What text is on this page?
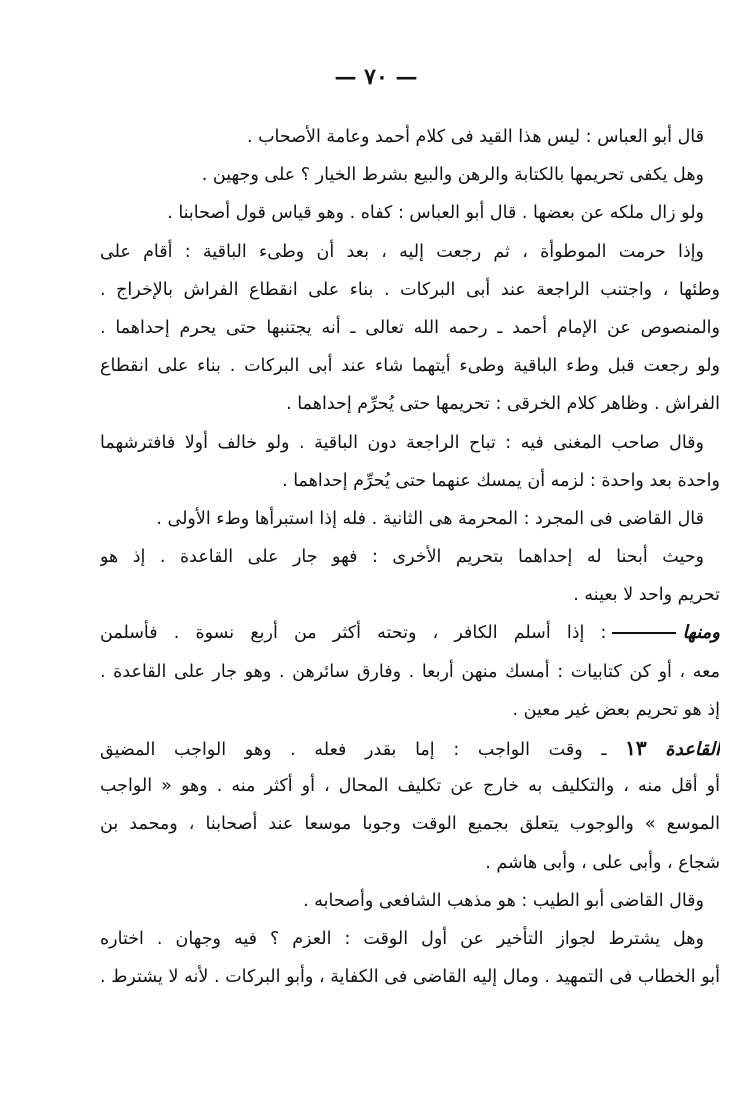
— ٧٠ —
قال أبو العباس : ليس هذا القيد فى كلام أحمد وعامة الأصحاب .
وهل يكفى تحريمها بالكتابة والرهن والبيع بشرط الخيار ؟ على وجهين .
ولو زال ملكه عن بعضها . قال أبو العباس : كفاه . وهو قياس قول أصحابنا .
وإذا حرمت الموطوأة ، ثم رجعت إليه ، بعد أن وطىء الباقية : أقام على
وطئها ، واجتنب الراجعة عند أبى البركات . بناء على انقطاع الفراش بالإخراج .
والمنصوص عن الإمام أحمد ـ رحمه الله تعالى ـ أنه يجتنبها حتى يحرم إحداهما .
ولو رجعت قبل وطء الباقية وطىء أيتهما شاء عند أبى البركات . بناء على انقطاع
الفراش . وظاهر كلام الخرقى : تحريمها حتى يُحرِّم إحداهما .
وقال صاحب المغنى فيه : تباح الراجعة دون الباقية . ولو خالف أولا فافترشهما
واحدة بعد واحدة : لزمه أن يمسك عنهما حتى يُحرِّم إحداهما .
قال القاضى فى المجرد : المحرمة هى الثانية . فله إذا استبرأها وطء الأولى .
وحيث أبحنا له إحداهما بتحريم الأخرى : فهو جار على القاعدة . إذ هو
تحريم واحد لا بعينه .
ومنها: إذا أسلم الكافر ، وتحته أكثر من أربع نسوة . فأسلمن
معه ، أو كن كتابيات : أمسك منهن أربعا . وفارق سائرهن . وهو جار على القاعدة .
إذ هو تحريم بعض غير معين .
القاعدة ١٣ ـ وقت الواجب : إما بقدر فعله . وهو الواجب المضيق
أو أقل منه ، والتكليف به خارج عن تكليف المحال ، أو أكثر منه . وهو « الواجب
الموسع » والوجوب يتعلق بجميع الوقت وجوبا موسعا عند أصحابنا ، ومحمد بن
شجاع ، وأبى على ، وأبى هاشم .
وقال القاضى أبو الطيب : هو مذهب الشافعى وأصحابه .
وهل يشترط لجواز التأخير عن أول الوقت : العزم ؟ فيه وجهان . اختاره
أبو الخطاب فى التمهيد . ومال إليه القاضى فى الكفاية ، وأبو البركات . لأنه لا يشترط .
